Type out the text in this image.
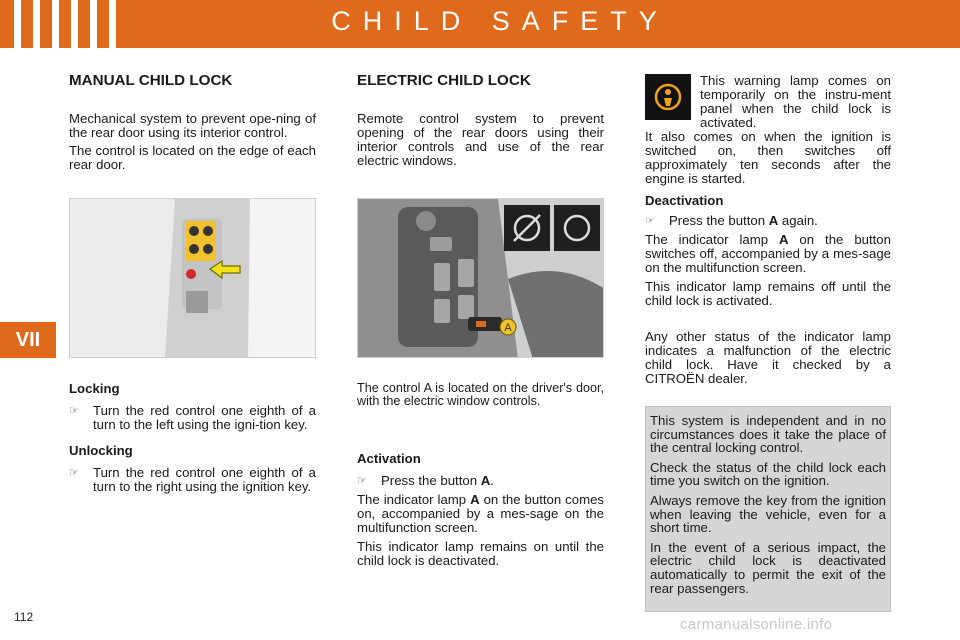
CHILD SAFETY
VII
MANUAL CHILD LOCK

Mechanical system to prevent ope-ning of the rear door using its interior control.

The control is located on the edge of each rear door.

Locking

☞	Turn the red control one eighth of a turn to the left using the igni-tion key.

Unlocking

☞	Turn the red control one eighth of a turn to the right using the ignition key.
ELECTRIC CHILD LOCK

Remote control system to prevent opening of the rear doors using their interior controls and use of the rear electric windows.

A
The control A is located on the driver's door, with the electric window controls.

Activation

☞	Press the button A.

The indicator lamp A on the button comes on, accompanied by a mes-sage on the multifunction screen.

This indicator lamp remains on until the child lock is deactivated.

This warning lamp comes on temporarily on the instru-ment panel when the child lock is activated.

It also comes on when the ignition is switched on, then switches off approximately ten seconds after the engine is started.

Deactivation

☞	Press the button A again.

The indicator lamp A on the button switches off, accompanied by a mes-sage on the multifunction screen.

This indicator lamp remains off until the child lock is activated.

Any other status of the indicator lamp indicates a malfunction of the electric child lock. Have it checked by a CITROËN dealer.

This system is independent and in no circumstances does it take the place of the central locking control.

Check the status of the child lock each time you switch on the ignition.

Always remove the key from the ignition when leaving the vehicle, even for a short time.

In the event of a serious impact, the electric child lock is deactivated automatically to permit the exit of the rear passengers.

112	carmanualsonline.info
